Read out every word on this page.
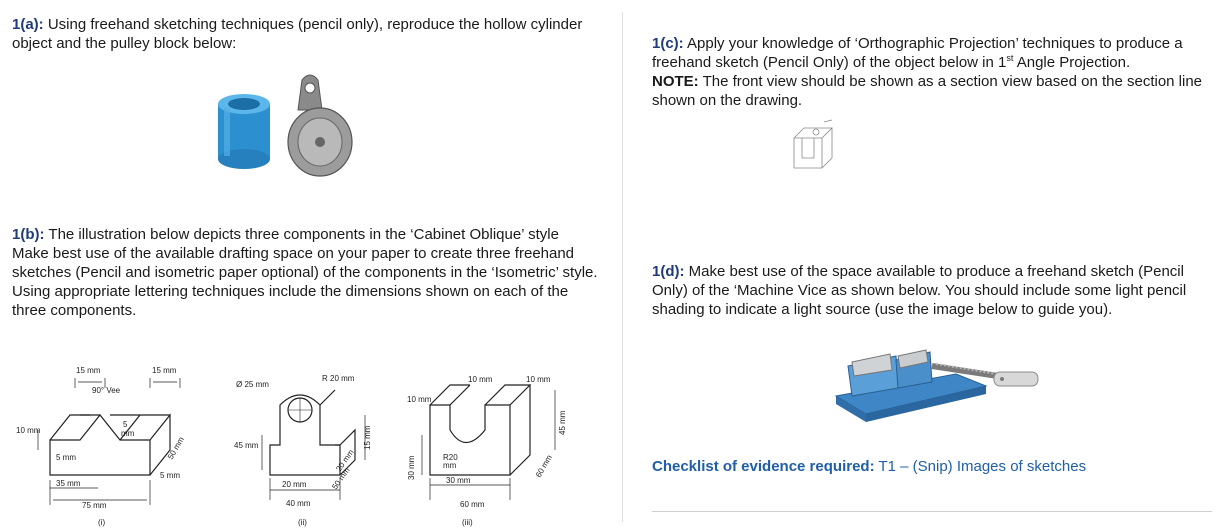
1(a): Using freehand sketching techniques (pencil only), reproduce the hollow cylinder object and the pulley block below:
1(b): The illustration below depicts three components in the ‘Cabinet Oblique’ style
Make best use of the available drafting space on your paper to create three freehand sketches (Pencil and isometric paper optional) of the components in the ‘Isometric’ style. Using appropriate lettering techniques include the dimensions shown on each of the three components.
15 mm	15 mm
90° Vee
5
mm
10 mm
5 mm	50 mm
5 mm
35 mm
75 mm
(i)
Ø 25 mm
R 20 mm
45 mm	15 mm
20 mm
50 mm
20 mm
40 mm
(ii)
10 mm	10 mm
10 mm
45 mm
R20
mm
30 mm
30 mm
60 mm
60 mm
(iii)
1(c): Apply your knowledge of ‘Orthographic Projection’ techniques to produce a freehand sketch (Pencil Only) of the object below in 1st Angle Projection.
NOTE: The front view should be shown as a section view based on the section line shown on the drawing.
1(d): Make best use of the space available to produce a freehand sketch (Pencil Only) of the ‘Machine Vice as shown below. You should include some light pencil shading to indicate a light source (use the image below to guide you).
Checklist of evidence required: T1 – (Snip) Images of sketches
